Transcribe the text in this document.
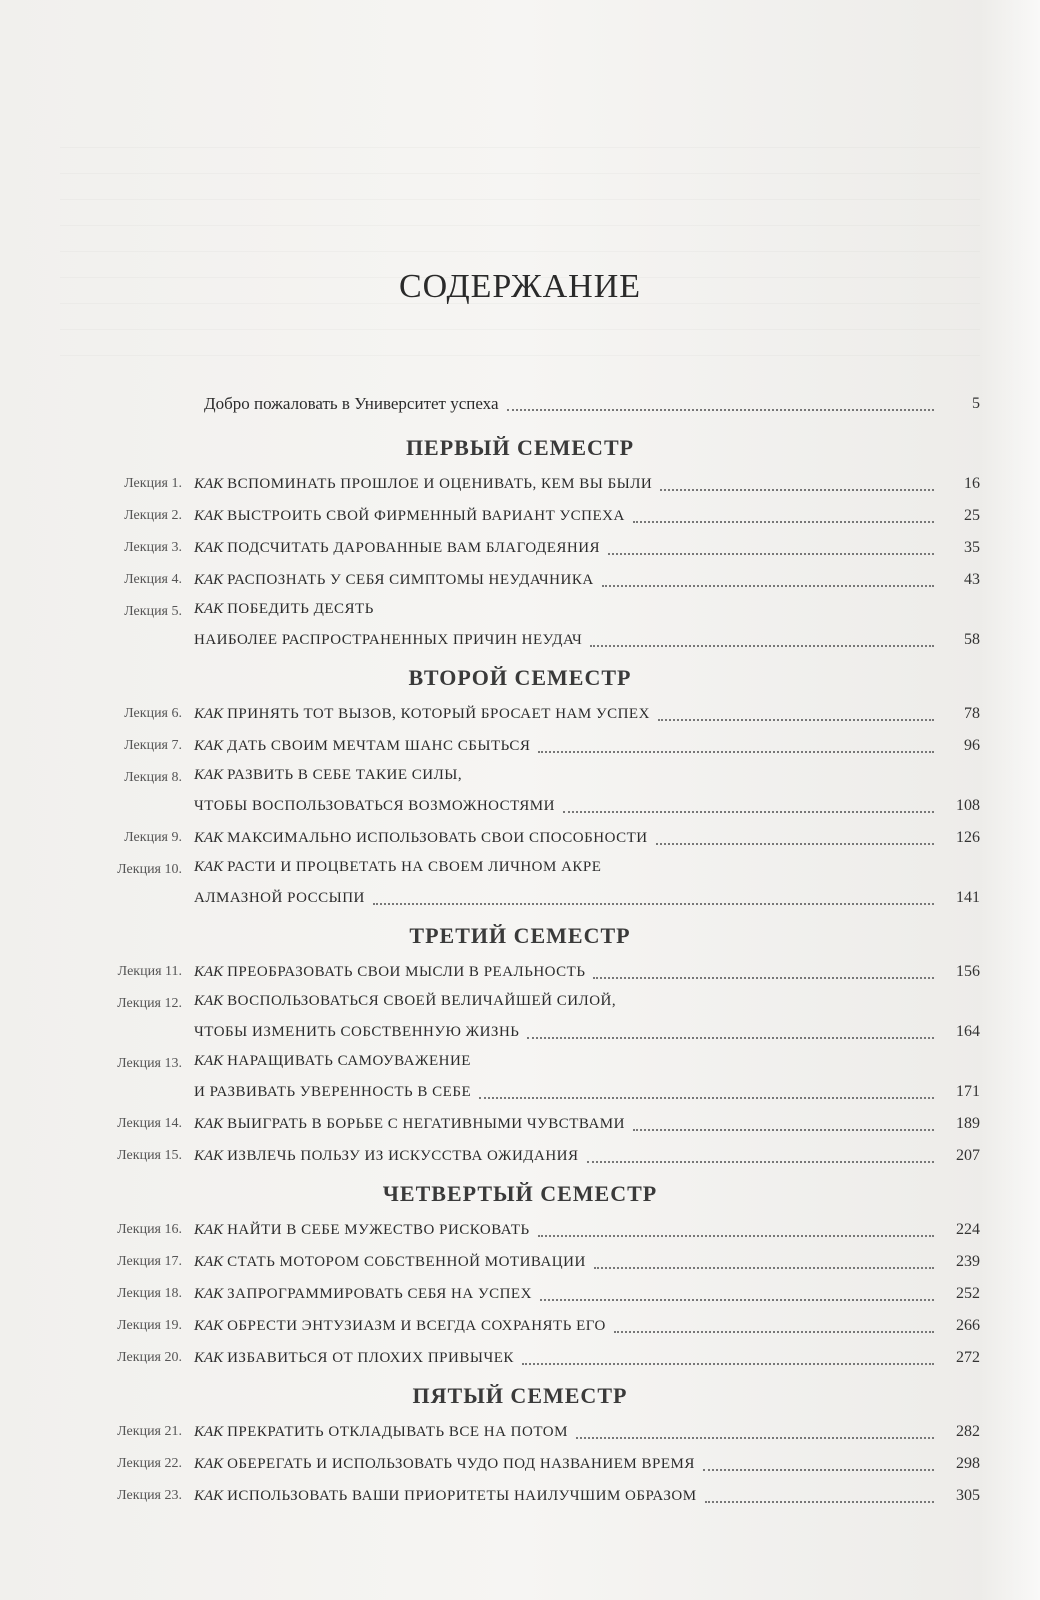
СОДЕРЖАНИЕ
Добро пожаловать в Университет успеха	5
ПЕРВЫЙ СЕМЕСТР
Лекция 1. КАК ВСПОМИНАТЬ ПРОШЛОЕ И ОЦЕНИВАТЬ, КЕМ ВЫ БЫЛИ	16
Лекция 2. КАК ВЫСТРОИТЬ СВОЙ ФИРМЕННЫЙ ВАРИАНТ УСПЕХА	25
Лекция 3. КАК ПОДСЧИТАТЬ ДАРОВАННЫЕ ВАМ БЛАГОДЕЯНИЯ	35
Лекция 4. КАК РАСПОЗНАТЬ У СЕБЯ СИМПТОМЫ НЕУДАЧНИКА	43
Лекция 5. КАК ПОБЕДИТЬ ДЕСЯТЬ
НАИБОЛЕЕ РАСПРОСТРАНЕННЫХ ПРИЧИН НЕУДАЧ	58
ВТОРОЙ СЕМЕСТР
Лекция 6. КАК ПРИНЯТЬ ТОТ ВЫЗОВ, КОТОРЫЙ БРОСАЕТ НАМ УСПЕХ	78
Лекция 7. КАК ДАТЬ СВОИМ МЕЧТАМ ШАНС СБЫТЬСЯ	96
Лекция 8. КАК РАЗВИТЬ В СЕБЕ ТАКИЕ СИЛЫ,
ЧТОБЫ ВОСПОЛЬЗОВАТЬСЯ ВОЗМОЖНОСТЯМИ	108
Лекция 9. КАК МАКСИМАЛЬНО ИСПОЛЬЗОВАТЬ СВОИ СПОСОБНОСТИ	126
Лекция 10. КАК РАСТИ И ПРОЦВЕТАТЬ НА СВОЕМ ЛИЧНОМ АКРЕ
АЛМАЗНОЙ РОССЫПИ	141
ТРЕТИЙ СЕМЕСТР
Лекция 11. КАК ПРЕОБРАЗОВАТЬ СВОИ МЫСЛИ В РЕАЛЬНОСТЬ	156
Лекция 12. КАК ВОСПОЛЬЗОВАТЬСЯ СВОЕЙ ВЕЛИЧАЙШЕЙ СИЛОЙ,
ЧТОБЫ ИЗМЕНИТЬ СОБСТВЕННУЮ ЖИЗНЬ	164
Лекция 13. КАК НАРАЩИВАТЬ САМОУВАЖЕНИЕ
И РАЗВИВАТЬ УВЕРЕННОСТЬ В СЕБЕ	171
Лекция 14. КАК ВЫИГРАТЬ В БОРЬБЕ С НЕГАТИВНЫМИ ЧУВСТВАМИ	189
Лекция 15. КАК ИЗВЛЕЧЬ ПОЛЬЗУ ИЗ ИСКУССТВА ОЖИДАНИЯ	207
ЧЕТВЕРТЫЙ СЕМЕСТР
Лекция 16. КАК НАЙТИ В СЕБЕ МУЖЕСТВО РИСКОВАТЬ	224
Лекция 17. КАК СТАТЬ МОТОРОМ СОБСТВЕННОЙ МОТИВАЦИИ	239
Лекция 18. КАК ЗАПРОГРАММИРОВАТЬ СЕБЯ НА УСПЕХ	252
Лекция 19. КАК ОБРЕСТИ ЭНТУЗИАЗМ И ВСЕГДА СОХРАНЯТЬ ЕГО	266
Лекция 20. КАК ИЗБАВИТЬСЯ ОТ ПЛОХИХ ПРИВЫЧЕК	272
ПЯТЫЙ СЕМЕСТР
Лекция 21. КАК ПРЕКРАТИТЬ ОТКЛАДЫВАТЬ ВСЕ НА ПОТОМ	282
Лекция 22. КАК ОБЕРЕГАТЬ И ИСПОЛЬЗОВАТЬ ЧУДО ПОД НАЗВАНИЕМ ВРЕМЯ	298
Лекция 23. КАК ИСПОЛЬЗОВАТЬ ВАШИ ПРИОРИТЕТЫ НАИЛУЧШИМ ОБРАЗОМ	305
